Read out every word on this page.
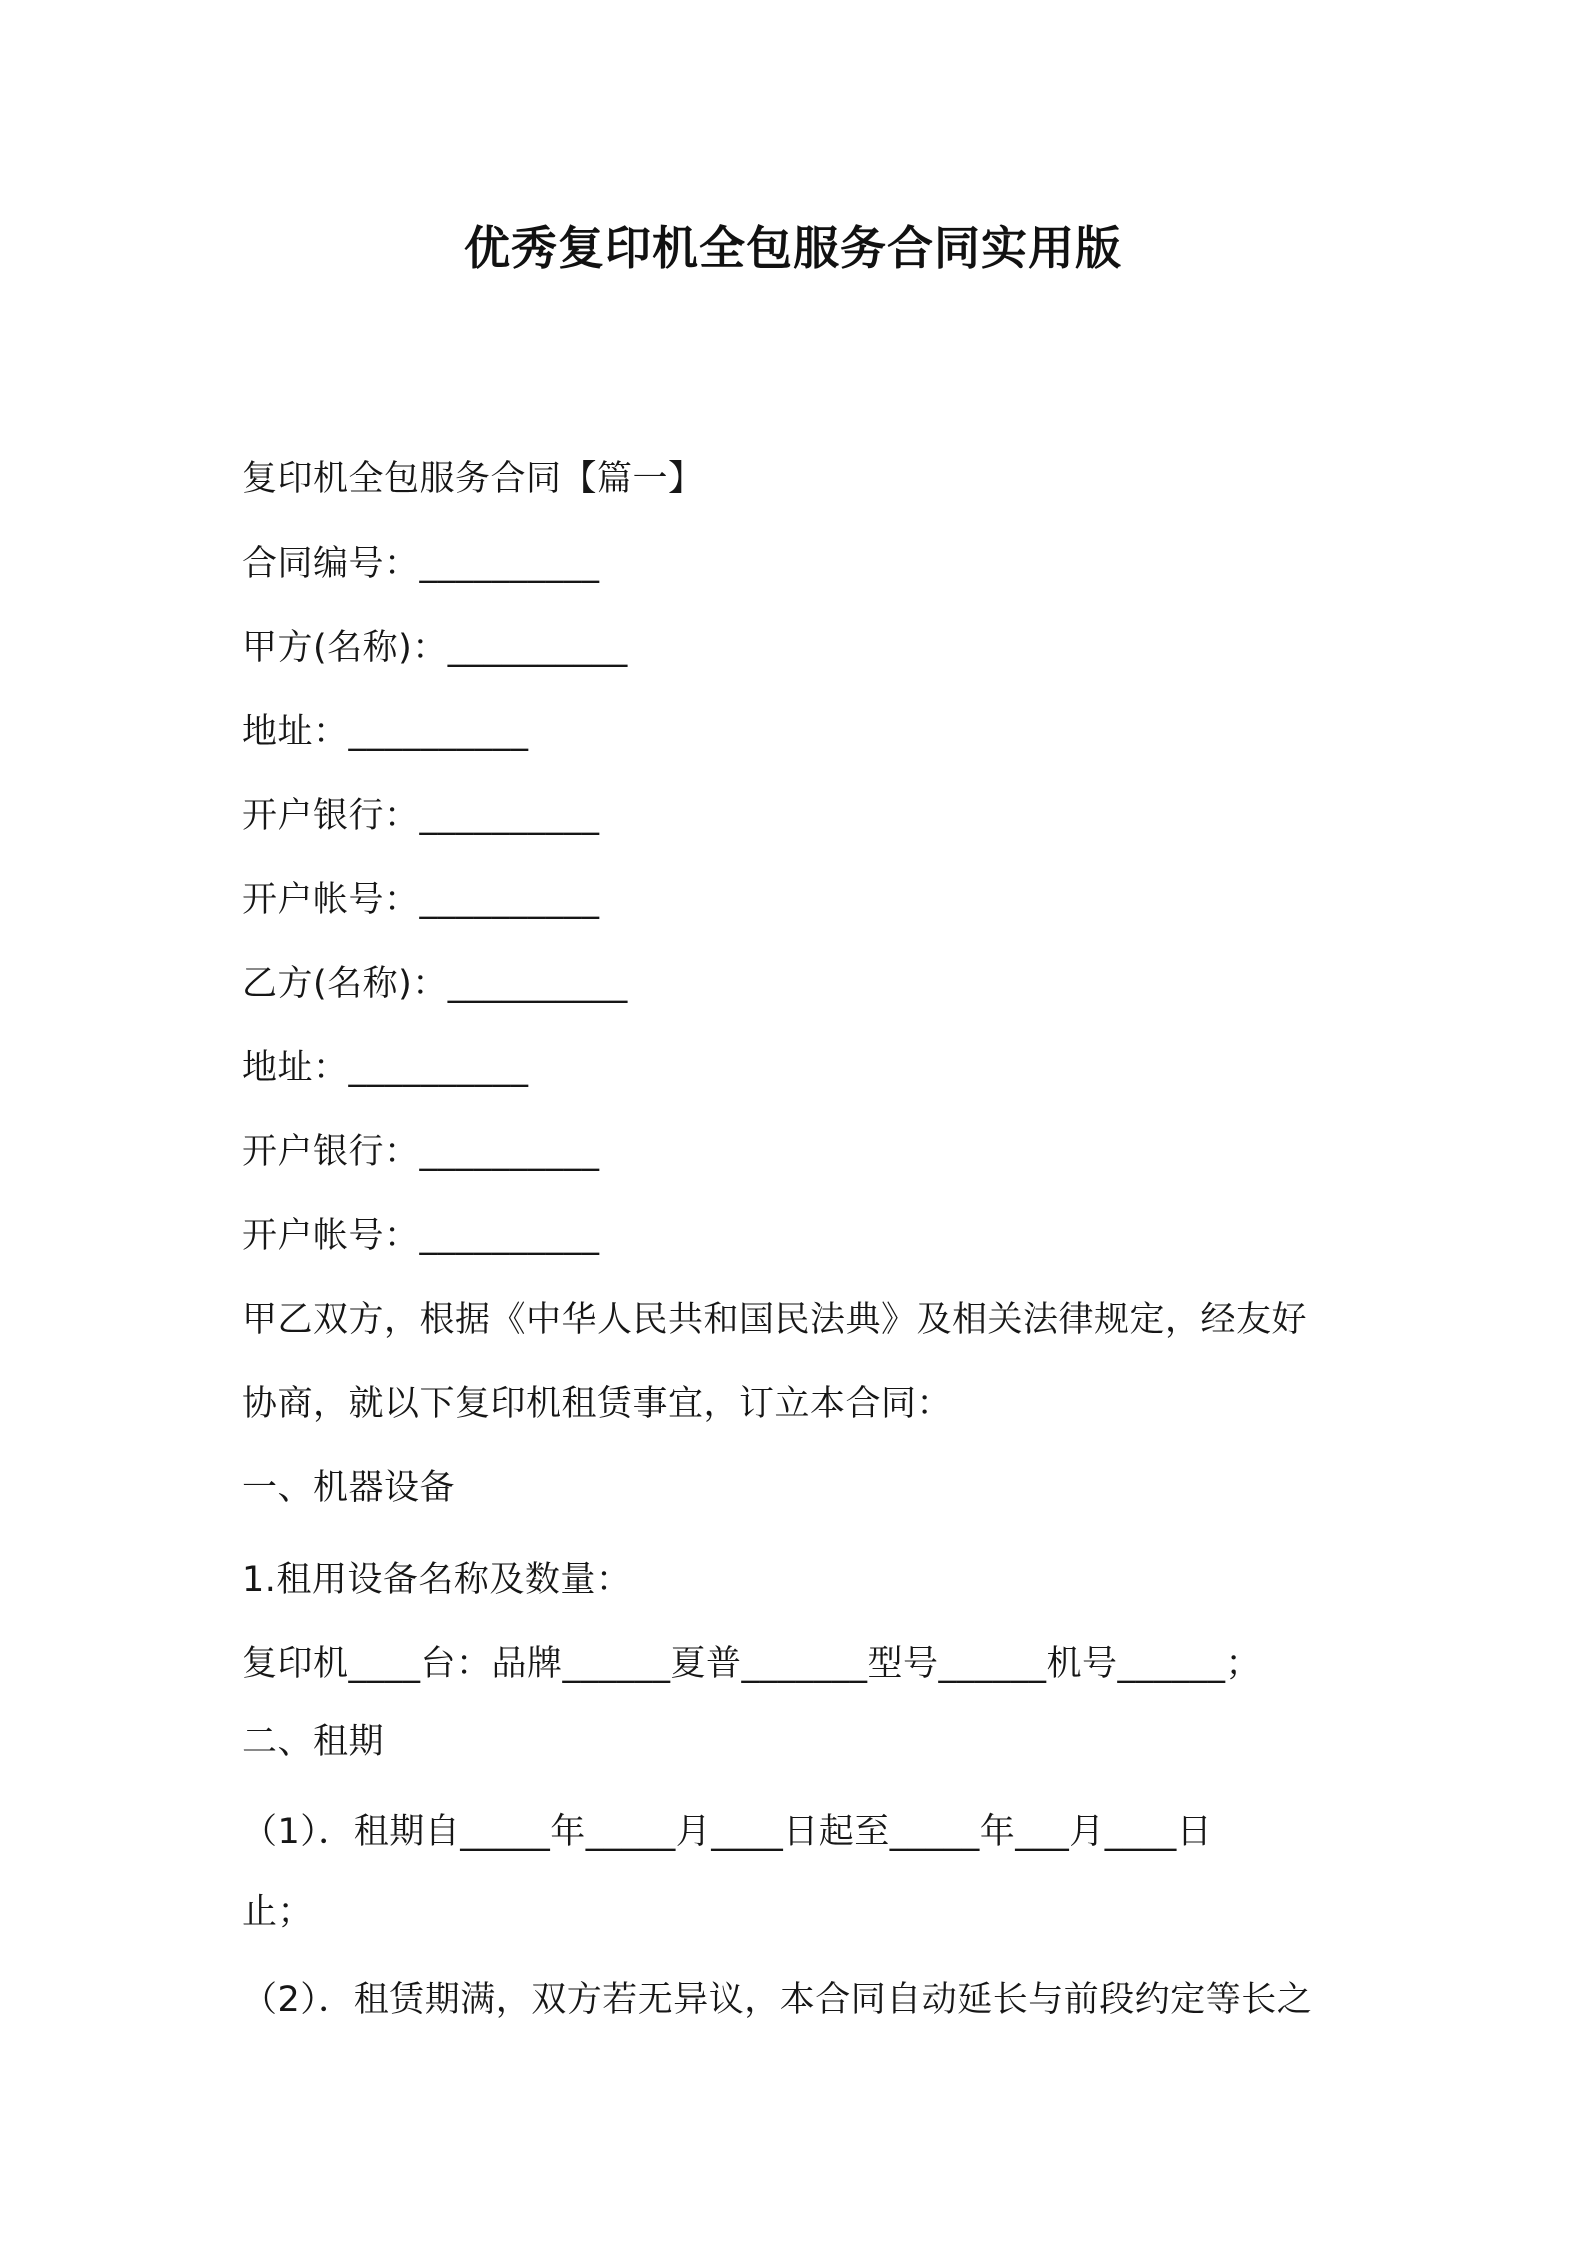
优秀复印机全包服务合同实用版
复印机全包服务合同【篇一】
合同编号：__________
甲方(名称)：__________
地址：__________
开户银行：__________
开户帐号：__________
乙方(名称)：__________
地址：__________
开户银行：__________
开户帐号：__________
甲乙双方，根据《中华人民共和国民法典》及相关法律规定，经友好
协商，就以下复印机租赁事宜，订立本合同：
一、机器设备
1.租用设备名称及数量：
复印机____台：品牌______夏普_______型号______机号______；
二、租期
（1）．租期自_____年_____月____日起至_____年___月____日
止；
（2）．租赁期满，双方若无异议，本合同自动延长与前段约定等长之
